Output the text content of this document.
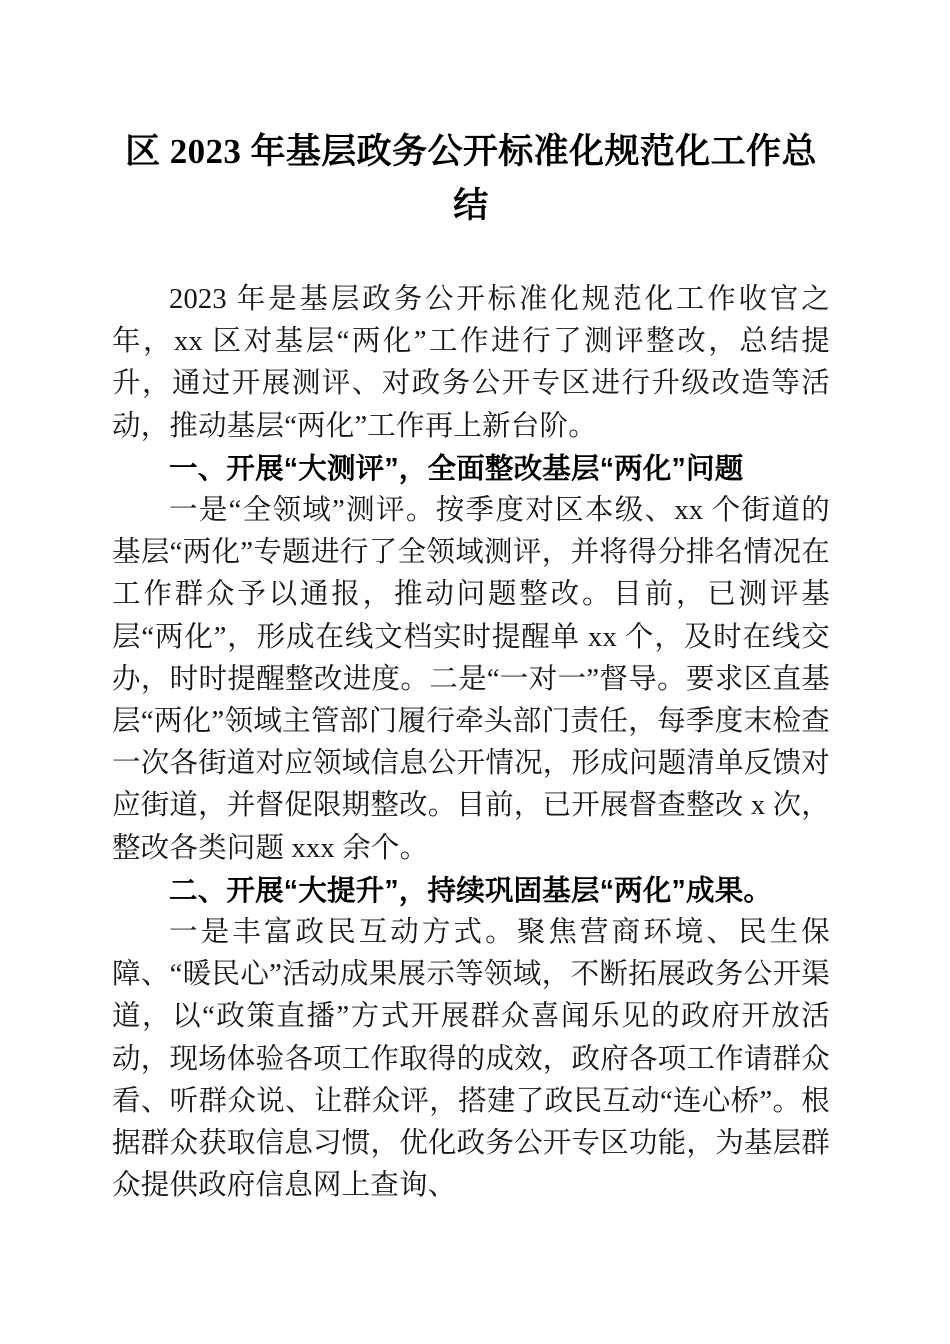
区 2023 年基层政务公开标准化规范化工作总结

2023 年是基层政务公开标准化规范化工作收官之年，xx 区对基层“两化”工作进行了测评整改，总结提升，通过开展测评、对政务公开专区进行升级改造等活动，推动基层“两化”工作再上新台阶。

一、开展“大测评”，全面整改基层“两化”问题

一是“全领域”测评。按季度对区本级、xx 个街道的基层“两化”专题进行了全领域测评，并将得分排名情况在工作群众予以通报，推动问题整改。目前，已测评基层“两化”，形成在线文档实时提醒单 xx 个，及时在线交办，时时提醒整改进度。二是“一对一”督导。要求区直基层“两化”领域主管部门履行牵头部门责任，每季度末检查一次各街道对应领域信息公开情况，形成问题清单反馈对应街道，并督促限期整改。目前，已开展督查整改 x 次，整改各类问题 xxx 余个。

二、开展“大提升”，持续巩固基层“两化”成果。

一是丰富政民互动方式。聚焦营商环境、民生保障、“暖民心”活动成果展示等领域，不断拓展政务公开渠道，以“政策直播”方式开展群众喜闻乐见的政府开放活动，现场体验各项工作取得的成效，政府各项工作请群众看、听群众说、让群众评，搭建了政民互动“连心桥”。根据群众获取信息习惯，优化政务公开专区功能，为基层群众提供政府信息网上查询、
